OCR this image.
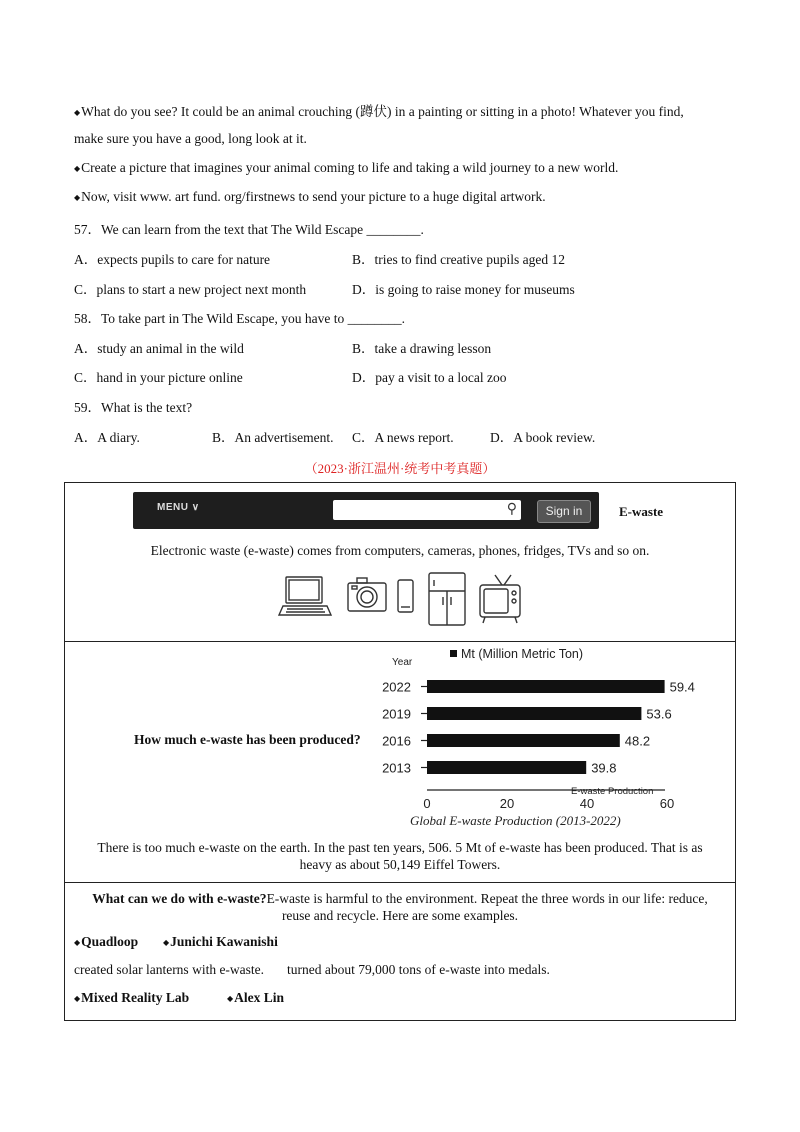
◆What do you see? It could be an animal crouching (蹲伏) in a painting or sitting in a photo! Whatever you find,
make sure you have a good, long look at it.
◆Create a picture that imagines your animal coming to life and taking a wild journey to a new world.
◆Now, visit www. art fund. org/firstnews to send your picture to a huge digital artwork.
57．We can learn from the text that The Wild Escape ________.
A．expects pupils to care for nature	B．tries to find creative pupils aged 12
C．plans to start a new project next month	D．is going to raise money for museums
58．To take part in The Wild Escape, you have to ________.
A．study an animal in the wild	B．take a drawing lesson
C．hand in your picture online	D．pay a visit to a local zoo
59．What is the text?
A．A diary.	B．An advertisement. C．A news report.	D．A book review.
（2023·浙江温州·统考中考真题）
MENU ∨	⚲	Sign in	E-waste
Electronic waste (e-waste) comes from computers, cameras, phones, fridges, TVs and so on.
How much e-waste has been produced?
Year
Mt (Million Metric Ton)
2022	59.4
2019	53.6
2016	48.2
2013	39.8
E-waste Production
0	20	40	60
Global E-waste Production (2013-2022)
There is too much e-waste on the earth. In the past ten years, 506. 5 Mt of e-waste has been produced. That is as
heavy as about 50,149 Eiffel Towers.
What can we do with e-waste?E-waste is harmful to the environment. Repeat the three words in our life: reduce,
reuse and recycle. Here are some examples.
◆Quadloop	◆Junichi Kawanishi
created solar lanterns with e-waste. turned about 79,000 tons of e-waste into medals.
◆Mixed Reality Lab	◆Alex Lin
